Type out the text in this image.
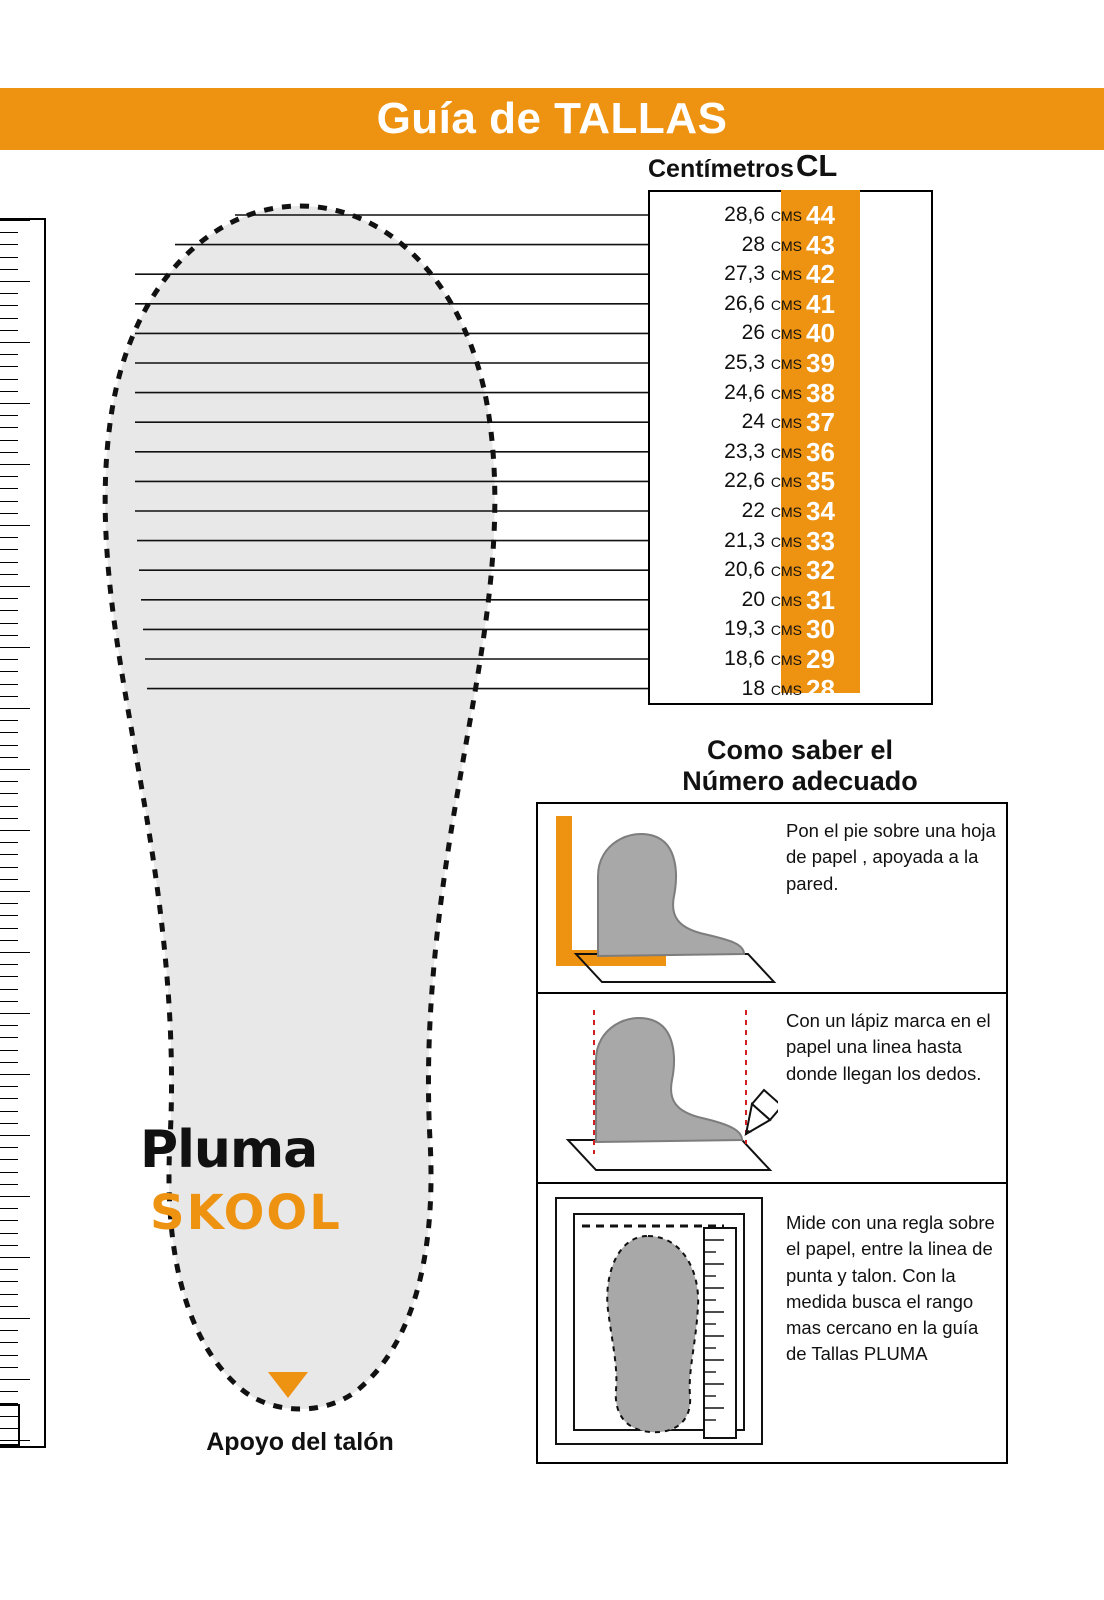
Guía de TALLAS
Pluma
SKOOL
Apoyo del talón
Centímetros CL
28,6 CMS 44
28 CMS 43
27,3 CMS 42
26,6 CMS 41
26 CMS 40
25,3 CMS 39
24,6 CMS 38
24 CMS 37
23,3 CMS 36
22,6 CMS 35
22 CMS 34
21,3 CMS 33
20,6 CMS 32
20 CMS 31
19,3 CMS 30
18,6 CMS 29
18 CMS 28
Como saber el
Número adecuado
Pon el pie sobre una hoja de papel , apoyada a la pared.
Con un lápiz marca en el papel una linea hasta donde llegan los dedos.
Mide con una regla sobre el papel, entre la linea de punta y talon. Con la medida busca el rango mas cercano en la guía de Tallas PLUMA
